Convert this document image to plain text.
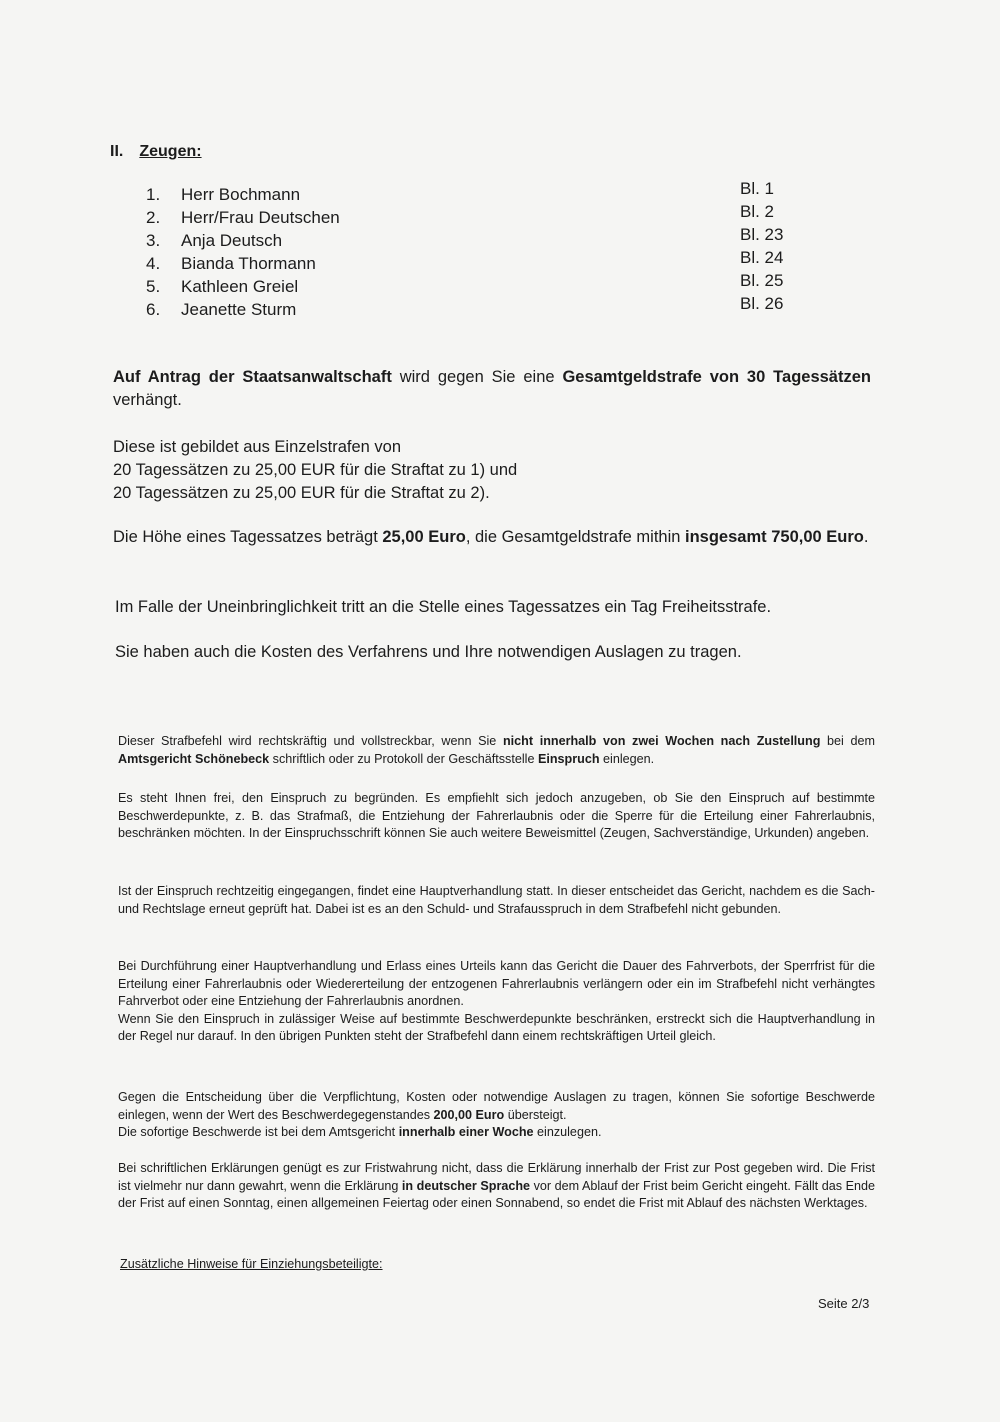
II. Zeugen:
1.	Herr Bochmann	Bl. 1
2.	Herr/Frau Deutschen	Bl. 2
3.	Anja Deutsch	Bl. 23
4.	Bianda Thormann	Bl. 24
5.	Kathleen Greiel	Bl. 25
6.	Jeanette Sturm	Bl. 26
Auf Antrag der Staatsanwaltschaft wird gegen Sie eine Gesamtgeldstrafe von 30 Tagessätzen verhängt.
Diese ist gebildet aus Einzelstrafen von
20 Tagessätzen zu 25,00 EUR für die Straftat zu 1) und
20 Tagessätzen zu 25,00 EUR für die Straftat zu 2).
Die Höhe eines Tagessatzes beträgt 25,00 Euro, die Gesamtgeldstrafe mithin insgesamt 750,00 Euro.
Im Falle der Uneinbringlichkeit tritt an die Stelle eines Tagessatzes ein Tag Freiheitsstrafe.
Sie haben auch die Kosten des Verfahrens und Ihre notwendigen Auslagen zu tragen.
Dieser Strafbefehl wird rechtskräftig und vollstreckbar, wenn Sie nicht innerhalb von zwei Wochen nach Zustellung bei dem Amtsgericht Schönebeck schriftlich oder zu Protokoll der Geschäftsstelle Einspruch einlegen.
Es steht Ihnen frei, den Einspruch zu begründen. Es empfiehlt sich jedoch anzugeben, ob Sie den Einspruch auf bestimmte Beschwerdepunkte, z. B. das Strafmaß, die Entziehung der Fahrerlaubnis oder die Sperre für die Erteilung einer Fahrerlaubnis, beschränken möchten. In der Einspruchsschrift können Sie auch weitere Beweismittel (Zeugen, Sachverständige, Urkunden) angeben.
Ist der Einspruch rechtzeitig eingegangen, findet eine Hauptverhandlung statt. In dieser entscheidet das Gericht, nachdem es die Sach- und Rechtslage erneut geprüft hat. Dabei ist es an den Schuld- und Strafausspruch in dem Strafbefehl nicht gebunden.
Bei Durchführung einer Hauptverhandlung und Erlass eines Urteils kann das Gericht die Dauer des Fahrverbots, der Sperrfrist für die Erteilung einer Fahrerlaubnis oder Wiedererteilung der entzogenen Fahrerlaubnis verlängern oder ein im Strafbefehl nicht verhängtes Fahrverbot oder eine Entziehung der Fahrerlaubnis anordnen.
Wenn Sie den Einspruch in zulässiger Weise auf bestimmte Beschwerdepunkte beschränken, erstreckt sich die Hauptverhandlung in der Regel nur darauf. In den übrigen Punkten steht der Strafbefehl dann einem rechtskräftigen Urteil gleich.
Gegen die Entscheidung über die Verpflichtung, Kosten oder notwendige Auslagen zu tragen, können Sie sofortige Beschwerde einlegen, wenn der Wert des Beschwerdegegenstandes 200,00 Euro übersteigt.
Die sofortige Beschwerde ist bei dem Amtsgericht innerhalb einer Woche einzulegen.
Bei schriftlichen Erklärungen genügt es zur Fristwahrung nicht, dass die Erklärung innerhalb der Frist zur Post gegeben wird. Die Frist ist vielmehr nur dann gewahrt, wenn die Erklärung in deutscher Sprache vor dem Ablauf der Frist beim Gericht eingeht. Fällt das Ende der Frist auf einen Sonntag, einen allgemeinen Feiertag oder einen Sonnabend, so endet die Frist mit Ablauf des nächsten Werktages.
Zusätzliche Hinweise für Einziehungsbeteiligte:
Seite 2/3
